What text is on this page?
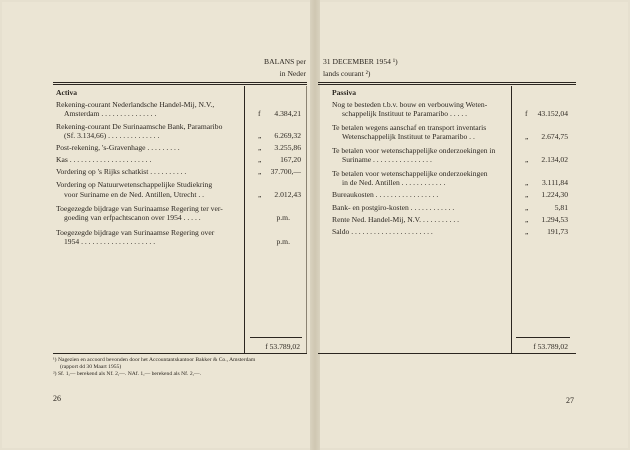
BALANS per
in Neder
31 DECEMBER 1954 ¹)
lands courant ²)
Activa
Rekening-courant Nederlandsche Handel-Mij, N.V.,
Amsterdam . . . . . . . . . . . . . . .	f	4.384,21
Rekening-courant De Surinaamsche Bank, Paramaribo
(Sf. 3.134,66) . . . . . . . . . . . . . .	„	6.269,32
Post-rekening, 's-Gravenhage . . . . . . . . .	„	3.255,86
Kas . . . . . . . . . . . . . . . . . . . . . .	„	167,20
Vordering op 's Rijks schatkist . . . . . . . . . .	„	37.700,—
Vordering op Natuurwetenschappelijke Studiekring
voor Suriname en de Ned. Antillen, Utrecht . .	„	2.012,43
Toegezegde bijdrage van Surinaamse Regering ter ver-
goeding van erfpachtscanon over 1954 . . . . .	p.m.
Toegezegde bijdrage van Surinaamse Regering over
1954 . . . . . . . . . . . . . . . . . . . .	p.m.
f 53.789,02
Passiva
Nog te besteden t.b.v. bouw en verbouwing Weten-
schappelijk Instituut te Paramaribo . . . . .	f	43.152,04
Te betalen wegens aanschaf en transport inventaris
Wetenschappelijk Instituut te Paramaribo . .	„	2.674,75
Te betalen voor wetenschappelijke onderzoekingen in
Suriname . . . . . . . . . . . . . . . .	„	2.134,02
Te betalen voor wetenschappelijke onderzoekingen
in de Ned. Antillen . . . . . . . . . . . .	„	3.111,84
Bureaukosten . . . . . . . . . . . . . . . . .	„	1.224,30
Bank- en postgiro-kosten . . . . . . . . . . . .	„	5,81
Rente Ned. Handel-Mij, N.V. . . . . . . . . . .	„	1.294,53
Saldo . . . . . . . . . . . . . . . . . . . . . .	„	191,73
f 53.789,02
¹) Nagezien en accoord bevonden door het Accountantskantoor Bakker & Co., Amsterdam
(rapport dd 30 Maart 1955)
²) Sf. 1,— berekend als Nf. 2,—. NAf. 1,— berekend als Nf. 2,—.
26	27
